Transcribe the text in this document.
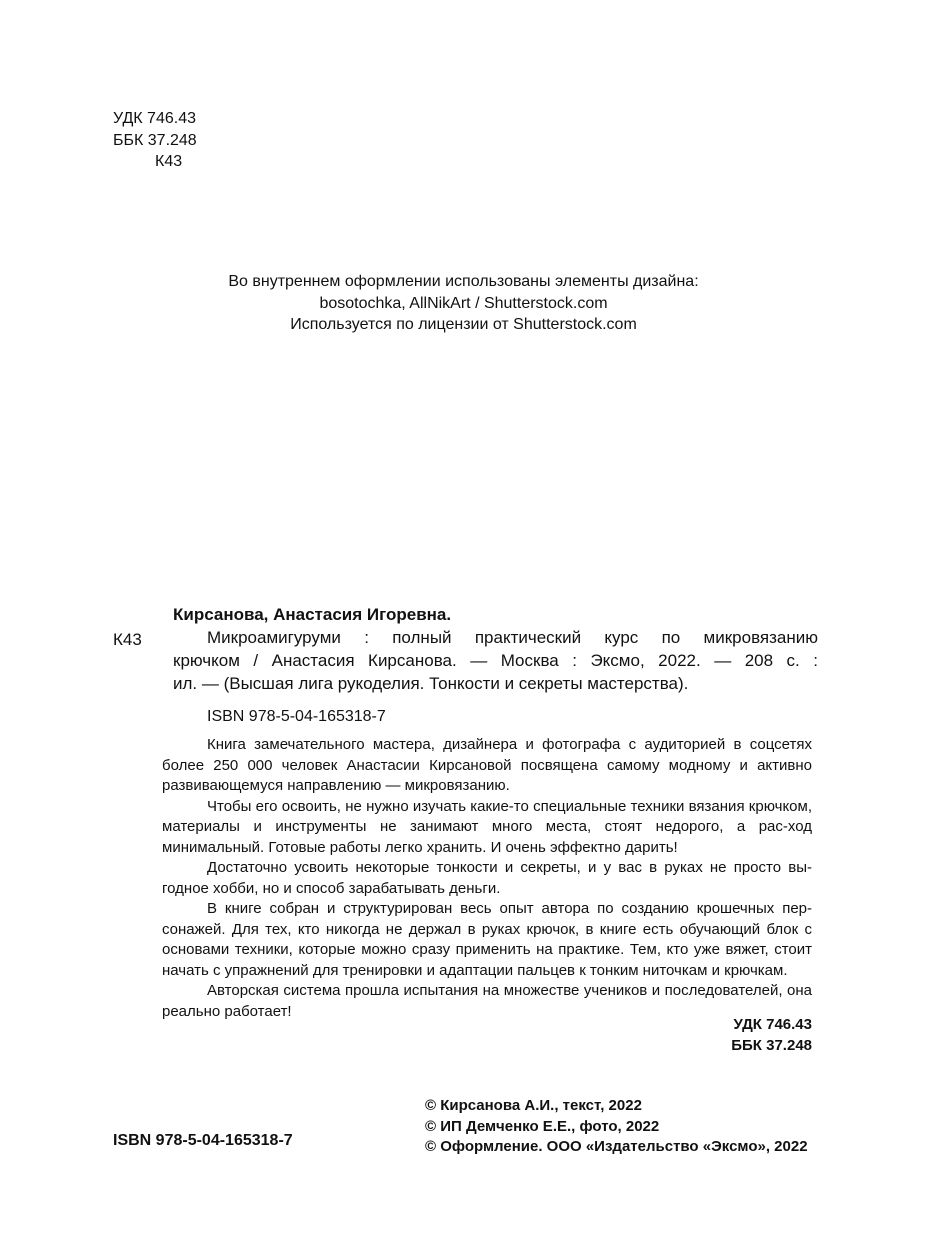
УДК 746.43
ББК 37.248
К43
Во внутреннем оформлении использованы элементы дизайна:
bosotochka, AllNikArt / Shutterstock.com
Используется по лицензии от Shutterstock.com
К43
Кирсанова, Анастасия Игоревна.
Микроамигуруми : полный практический курс по микровязанию
крючком / Анастасия Кирсанова. — Москва : Эксмо, 2022. — 208 с. :
ил. — (Высшая лига рукоделия. Тонкости и секреты мастерства).
ISBN 978-5-04-165318-7

Книга замечательного мастера, дизайнера и фотографа с аудиторией в соцсетях более 250 000 человек Анастасии Кирсановой посвящена самому модному и активно развивающемуся направлению — микровязанию.

Чтобы его освоить, не нужно изучать какие-то специальные техники вязания крючком, материалы и инструменты не занимают много места, стоят недорого, а рас-ход минимальный. Готовые работы легко хранить. И очень эффектно дарить!

Достаточно усвоить некоторые тонкости и секреты, и у вас в руках не просто вы-годное хобби, но и способ зарабатывать деньги.

В книге собран и структурирован весь опыт автора по созданию крошечных пер-сонажей. Для тех, кто никогда не держал в руках крючок, в книге есть обучающий блок с основами техники, которые можно сразу применить на практике. Тем, кто уже вяжет, стоит начать с упражнений для тренировки и адаптации пальцев к тонким ниточкам и крючкам.

Авторская система прошла испытания на множестве учеников и последователей, она реально работает!

УДК 746.43
ББК 37.248
ISBN 978-5-04-165318-7
© Кирсанова А.И., текст, 2022
© ИП Демченко Е.Е., фото, 2022
© Оформление. ООО «Издательство «Эксмо», 2022
